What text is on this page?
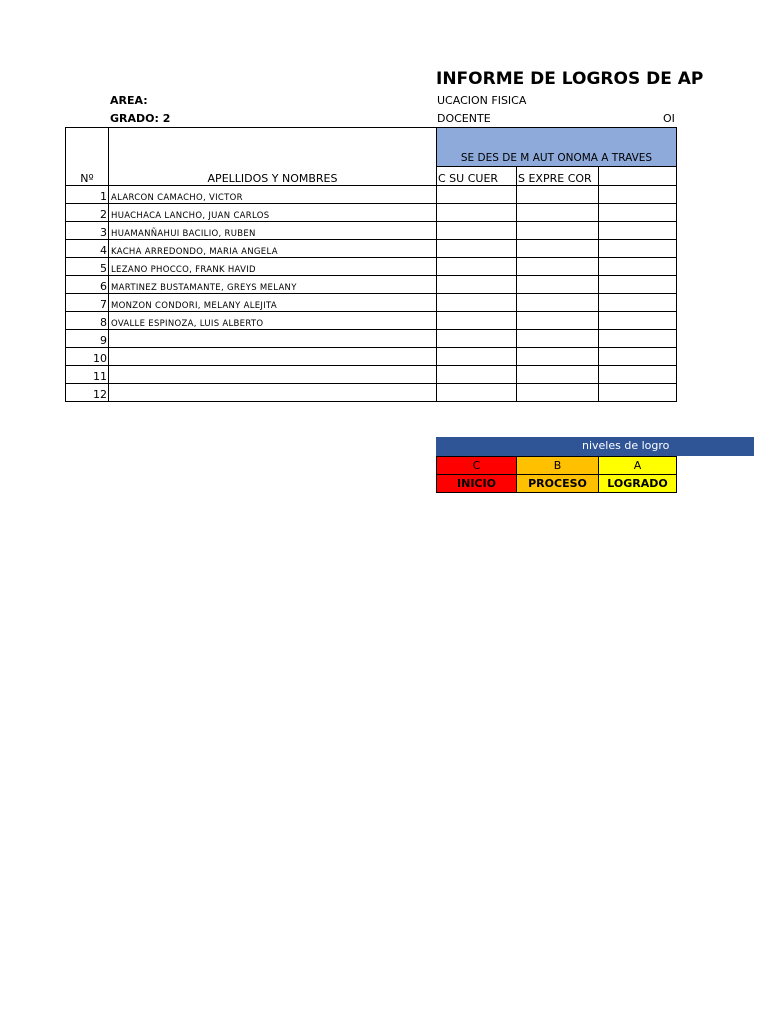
INFORME DE LOGROS DE AP
AREA:	UCACION FISICA
GRADO: 2	DOCENTE	OI
Nº	APELLIDOS Y NOMBRES	SE DES DE M AUT ONOMA A TRAVES		
		C SU CUER	S EXPRE COR	
1	ALARCON CAMACHO, VICTOR			
2	HUACHACA LANCHO, JUAN CARLOS			
3	HUAMANÑAHUI BACILIO, RUBEN			
4	KACHA ARREDONDO, MARIA ANGELA			
5	LEZANO PHOCCO, FRANK HAVID			
6	MARTINEZ BUSTAMANTE, GREYS MELANY			
7	MONZON CONDORI, MELANY ALEJITA			
8	OVALLE ESPINOZA, LUIS ALBERTO			
9				
10				
11				
12				
niveles de logro
C	B	A
INICIO	PROCESO	LOGRADO
